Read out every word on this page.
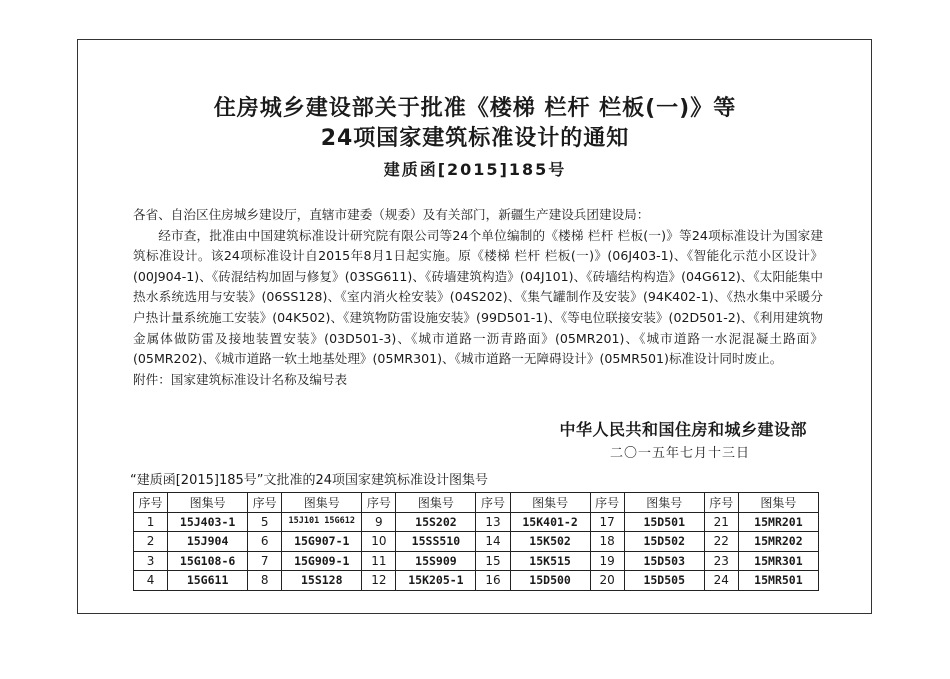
住房城乡建设部关于批准《楼梯 栏杆 栏板(一)》等
24项国家建筑标准设计的通知
建质函[2015]185号

各省、自治区住房城乡建设厅，直辖市建委（规委）及有关部门，新疆生产建设兵团建设局：

经市查，批准由中国建筑标准设计研究院有限公司等24个单位编制的《楼梯 栏杆 栏板(一)》等24项标准设计为国家建筑标准设计。该24项标准设计自2015年8月1日起实施。原《楼梯 栏杆 栏板(一)》(06J403-1)、《智能化示范小区设计》(00J904-1)、《砖混结构加固与修复》(03SG611)、《砖墙建筑构造》(04J101)、《砖墙结构构造》(04G612)、《太阳能集中热水系统选用与安装》(06SS128)、《室内消火栓安装》(04S202)、《集气罐制作及安装》(94K402-1)、《热水集中采暖分户热计量系统施工安装》(04K502)、《建筑物防雷设施安装》(99D501-1)、《等电位联接安装》(02D501-2)、《利用建筑物金属体做防雷及接地装置安装》(03D501-3)、《城市道路一沥青路面》(05MR201)、《城市道路一水泥混凝土路面》(05MR202)、《城市道路一软土地基处理》(05MR301)、《城市道路一无障碍设计》(05MR501)标准设计同时废止。

附件：国家建筑标准设计名称及编号表

中华人民共和国住房和城乡建设部
二〇一五年七月十三日
“建质函[2015]185号”文批准的24项国家建筑标准设计图集号
序号	图集号	序号	图集号	序号	图集号	序号	图集号	序号	图集号	序号	图集号
1	15J403-1	5	15J101 15G612	9	15S202	13	15K401-2	17	15D501	21	15MR201
2	15J904	6	15G907-1	10	15SS510	14	15K502	18	15D502	22	15MR202
3	15G108-6	7	15G909-1	11	15S909	15	15K515	19	15D503	23	15MR301
4	15G611	8	15S128	12	15K205-1	16	15D500	20	15D505	24	15MR501
